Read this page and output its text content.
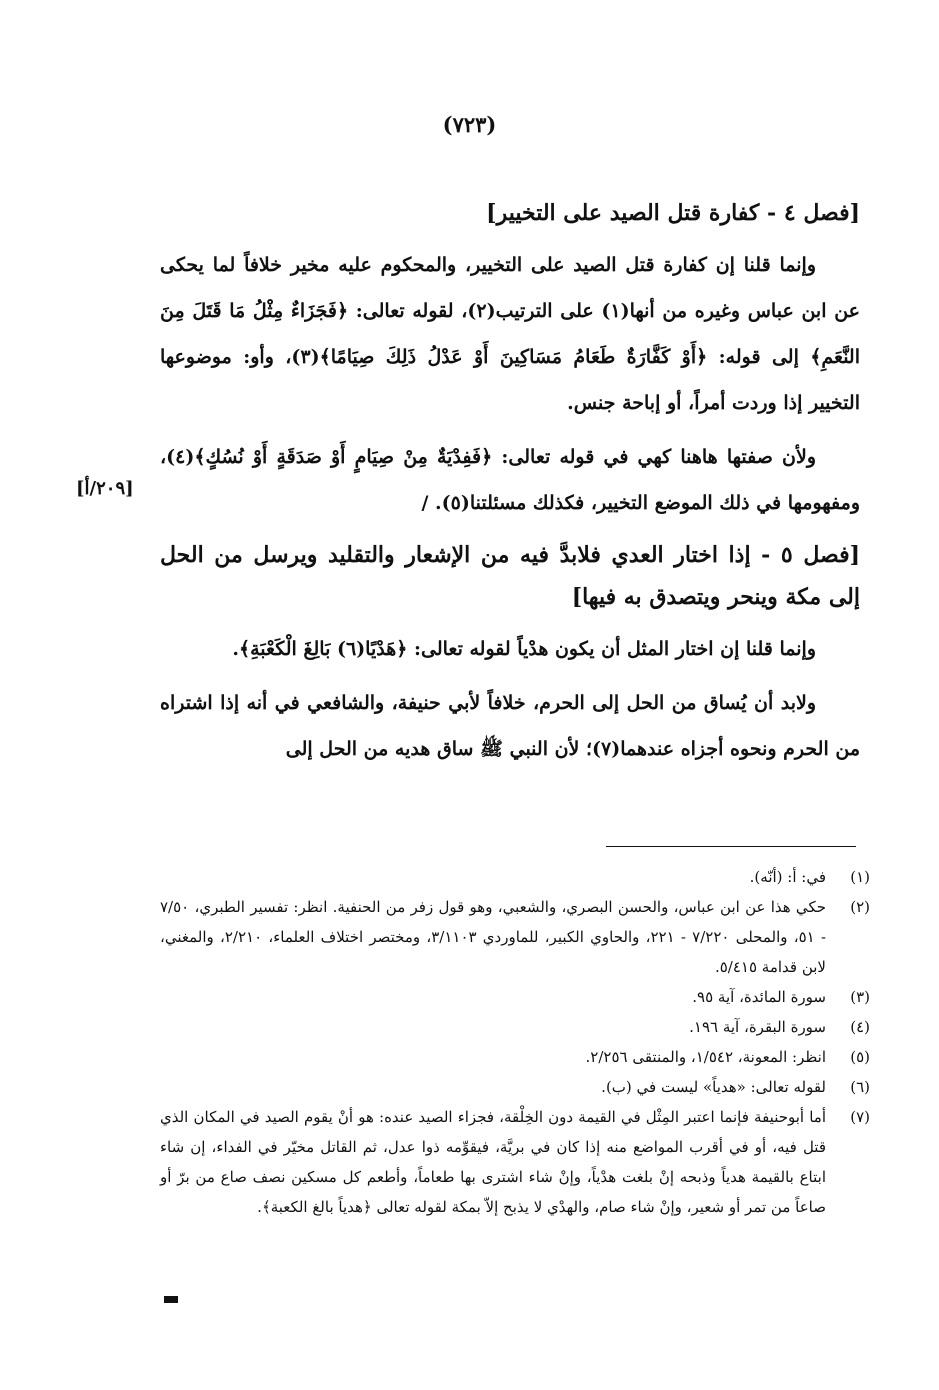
(٧٢٣)
[٢٠٩/أ]
[فصل ٤ - كفارة قتل الصيد على التخيير]

وإنما قلنا إن كفارة قتل الصيد على التخيير، والمحكوم عليه مخير خلافاً لما يحكى عن ابن عباس وغيره من أنها(١) على الترتيب(٢)، لقوله تعالى: ﴿فَجَزَاءٌ مِثْلُ مَا قَتَلَ مِنَ النَّعَمِ﴾ إلى قوله: ﴿أَوْ كَفَّارَةٌ طَعَامُ مَسَاكِينَ أَوْ عَدْلُ ذَلِكَ صِيَامًا﴾(٣)، وأو: موضوعها التخيير إذا وردت أمراً، أو إباحة جنس.

ولأن صفتها هاهنا كهي في قوله تعالى: ﴿فَفِدْيَةٌ مِنْ صِيَامٍ أَوْ صَدَقَةٍ أَوْ نُسُكٍ﴾(٤)، ومفهومها في ذلك الموضع التخيير، فكذلك مسئلتنا(٥). /

[فصل ٥ - إذا اختار العدي فلابدَّ فيه من الإشعار والتقليد ويرسل من الحل إلى مكة وينحر ويتصدق به فيها]

وإنما قلنا إن اختار المثل أن يكون هدْياً لقوله تعالى: ﴿هَدْيًا(٦) بَالِغَ الْكَعْبَةِ﴾.

ولابد أن يُساق من الحل إلى الحرم، خلافاً لأبي حنيفة، والشافعي في أنه إذا اشتراه من الحرم ونحوه أجزاه عندهما(٧)؛ لأن النبي ﷺ ساق هديه من الحل إلى

(١)
في: أ: (أنّه).
(٢)
حكي هذا عن ابن عباس، والحسن البصري، والشعبي، وهو قول زفر من الحنفية. انظر: تفسير الطبري، ٧/٥٠ - ٥١، والمحلى ٧/٢٢٠ - ٢٢١، والحاوي الكبير، للماوردي ٣/١١٠٣، ومختصر اختلاف العلماء، ٢/٢١٠، والمغني، لابن قدامة ٥/٤١٥.
(٣)
سورة المائدة، آية ٩٥.
(٤)
سورة البقرة، آية ١٩٦.
(٥)
انظر: المعونة، ١/٥٤٢، والمنتقى ٢/٢٥٦.
(٦)
لقوله تعالى: «هدياً» ليست في (ب).
(٧)
أما أبوحنيفة فإنما اعتبر المِثْل في القيمة دون الخِلْقة، فجزاء الصيد عنده: هو أنْ يقوم الصيد في المكان الذي قتل فيه، أو في أقرب المواضع منه إذا كان في بريَّة، فيقوِّمه ذوا عدل، ثم القاتل مخيّر في الفداء، إن شاء ابتاع بالقيمة هدياً وذبحه إنْ بلغت هدْياً، وإنْ شاء اشترى بها طعاماً، وأطعم كل مسكين نصف صاع من برّ أو صاعاً من تمر أو شعير، وإنْ شاء صام، والهدْي لا يذبح إلاّ بمكة لقوله تعالى ﴿هدياً بالغ الكعبة﴾.
